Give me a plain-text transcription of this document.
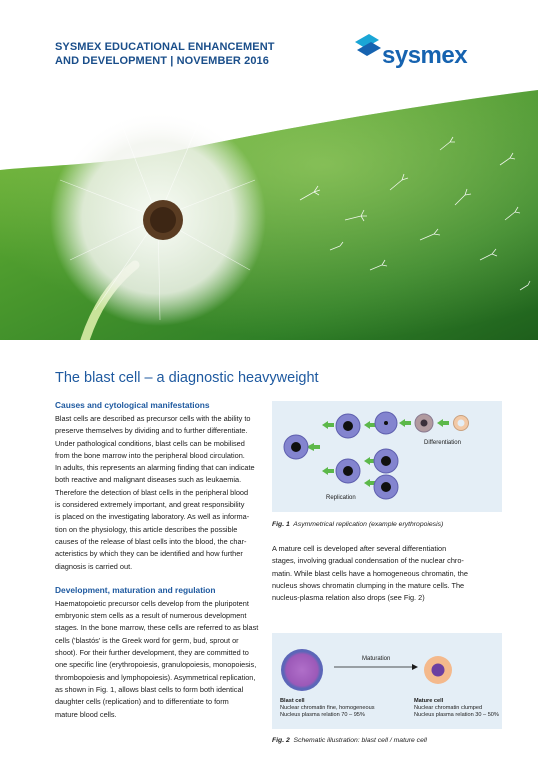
SYSMEX EDUCATIONAL ENHANCEMENT
AND DEVELOPMENT | NOVEMBER 2016	sysmex
The blast cell – a diagnostic heavyweight
Causes and cytological manifestations
Blast cells are described as precursor cells with the ability to
preserve themselves by dividing and to further differentiate.
Under pathological conditions, blast cells can be mobilised
from the bone marrow into the peripheral blood circulation.
In adults, this represents an alarming finding that can indicate
both reactive and malignant diseases such as leukaemia.
Therefore the detection of blast cells in the peripheral blood
is considered extremely important, and great responsibility
is placed on the investigating laboratory. As well as informa-
tion on the physiology, this article describes the possible
causes of the release of blast cells into the blood, the char-
acteristics by which they can be identified and how further
diagnosis is carried out.
Development, maturation and regulation
Haematopoietic precursor cells develop from the pluripotent
embryonic stem cells as a result of numerous development
stages. In the bone marrow, these cells are referred to as blast
cells ('blastós' is the Greek word for germ, bud, sprout or
shoot). For their further development, they are committed to
one specific line (erythropoiesis, granulopoiesis, monopoiesis,
thrombopoiesis and lymphopoiesis). Asymmetrical replication,
as shown in Fig. 1, allows blast cells to form both identical
daughter cells (replication) and to differentiate to form
mature blood cells.
Differentiation
Replication
Fig. 1 Asymmetrical replication (example erythropoiesis)
A mature cell is developed after several differentiation
stages, involving gradual condensation of the nuclear chro-
matin. While blast cells have a homogeneous chromatin, the
nucleus shows chromatin clumping in the mature cells. The
nucleus-plasma relation also drops (see Fig. 2)
Maturation
Blast cell
Nuclear chromatin fine, homogeneous
Nucleus plasma relation 70 – 95%
Mature cell
Nuclear chromatin clumped
Nucleus plasma relation 30 – 50%
Fig. 2 Schematic illustration: blast cell / mature cell
